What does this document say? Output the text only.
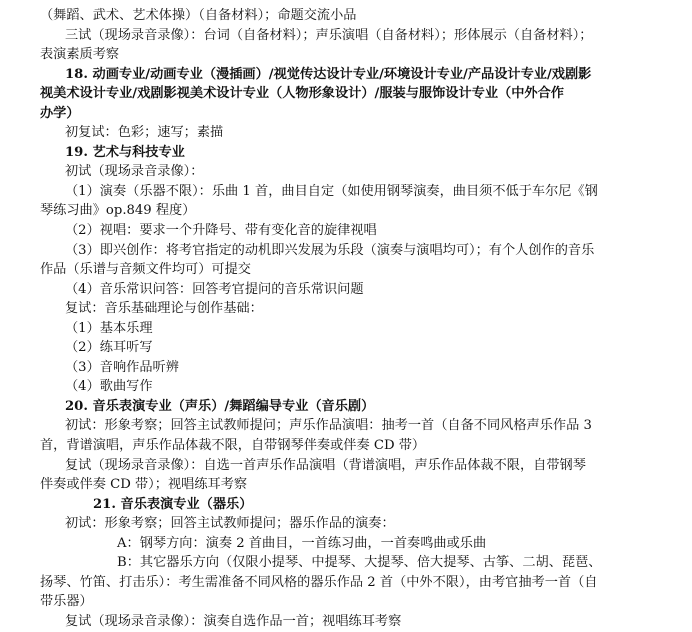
（舞蹈、武术、艺术体操）（自备材料）；命题交流小品
三试（现场录音录像）：台词（自备材料）；声乐演唱（自备材料）；形体展示（自备材料）；
表演素质考察
18. 动画专业/动画专业（漫插画）/视觉传达设计专业/环境设计专业/产品设计专业/戏剧影
视美术设计专业/戏剧影视美术设计专业（人物形象设计）/服装与服饰设计专业（中外合作
办学）
初复试：色彩；速写；素描
19. 艺术与科技专业
初试（现场录音录像）：
（1）演奏（乐器不限）：乐曲 1 首，曲目自定（如使用钢琴演奏，曲目须不低于车尔尼《钢
琴练习曲》op.849 程度）
（2）视唱：要求一个升降号、带有变化音的旋律视唱
（3）即兴创作：将考官指定的动机即兴发展为乐段（演奏与演唱均可）；有个人创作的音乐
作品（乐谱与音频文件均可）可提交
（4）音乐常识问答：回答考官提问的音乐常识问题
复试：音乐基础理论与创作基础：
（1）基本乐理
（2）练耳听写
（3）音响作品听辨
（4）歌曲写作
20. 音乐表演专业（声乐）/舞蹈编导专业（音乐剧）
初试：形象考察；回答主试教师提问；声乐作品演唱：抽考一首（自备不同风格声乐作品 3
首，背谱演唱，声乐作品体裁不限，自带钢琴伴奏或伴奏 CD 带）
复试（现场录音录像）：自选一首声乐作品演唱（背谱演唱，声乐作品体裁不限，自带钢琴
伴奏或伴奏 CD 带）；视唱练耳考察
21. 音乐表演专业（器乐）
初试：形象考察；回答主试教师提问；器乐作品的演奏：
A：钢琴方向：演奏 2 首曲目，一首练习曲，一首奏鸣曲或乐曲
B：其它器乐方向（仅限小提琴、中提琴、大提琴、倍大提琴、古筝、二胡、琵琶、
扬琴、竹笛、打击乐）：考生需准备不同风格的器乐作品 2 首（中外不限），由考官抽考一首（自
带乐器）
复试（现场录音录像）：演奏自选作品一首；视唱练耳考察
